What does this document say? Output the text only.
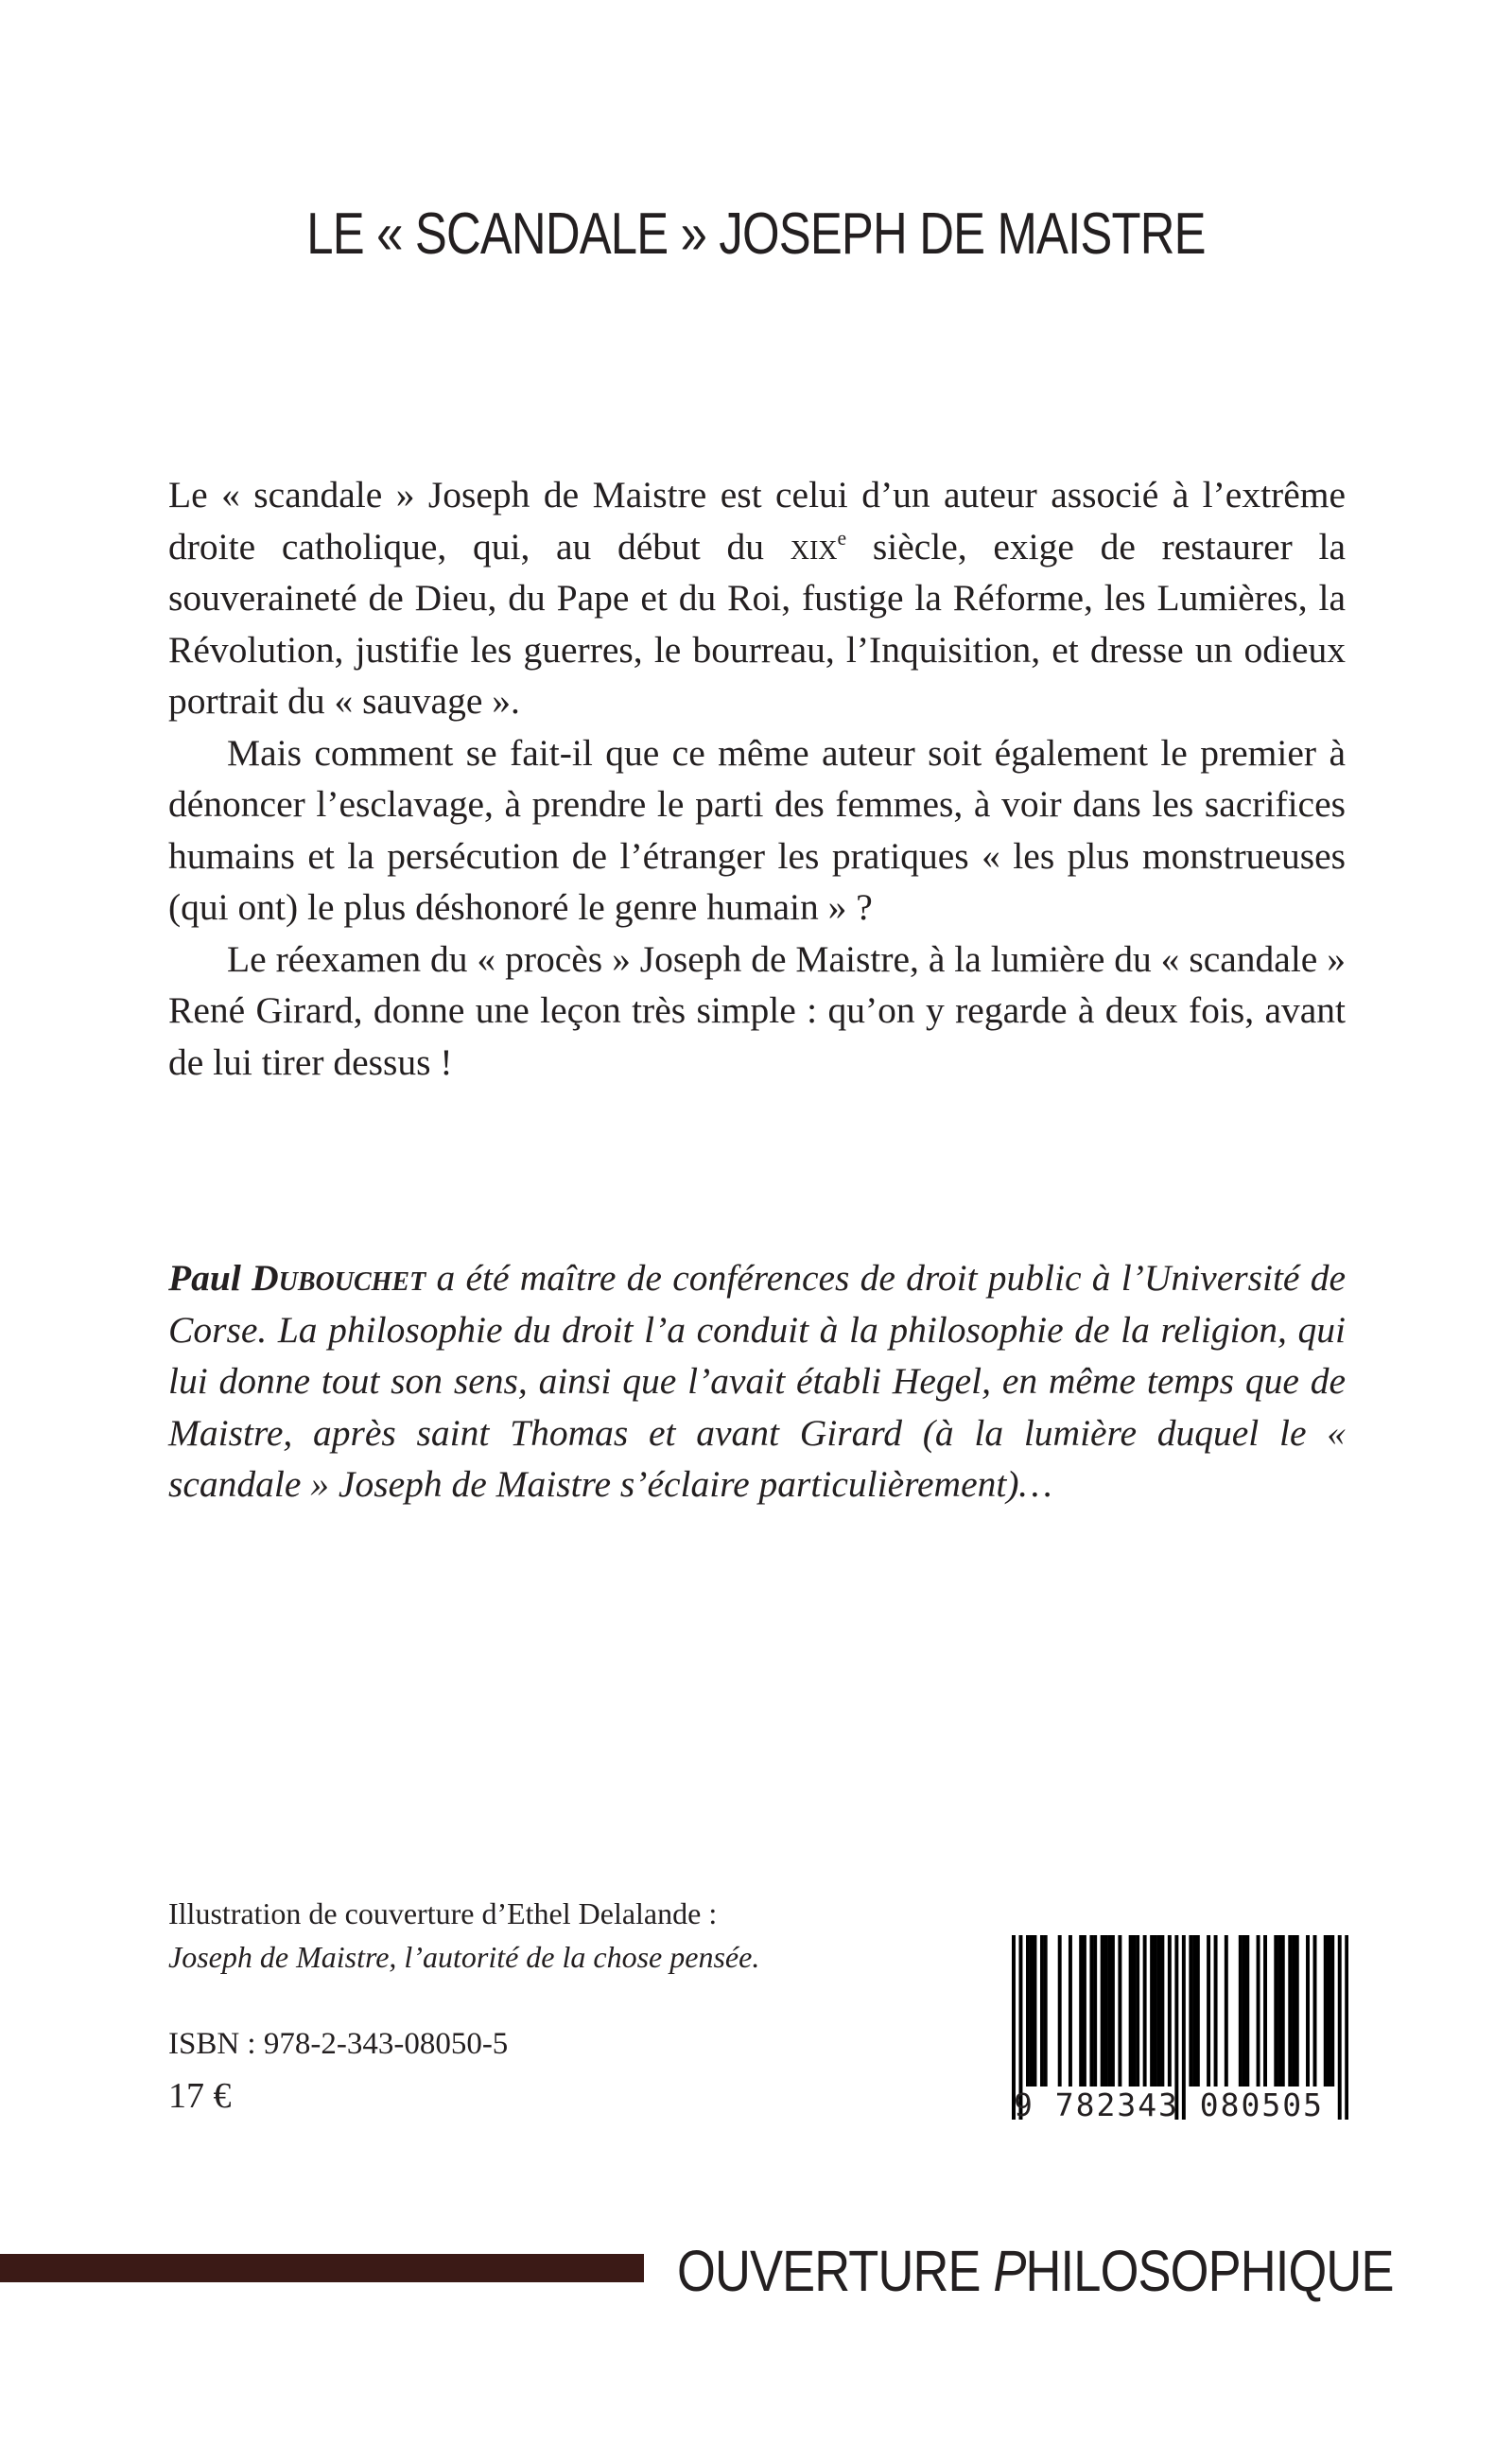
LE « SCANDALE » JOSEPH DE MAISTRE

Le « scandale » Joseph de Maistre est celui d’un auteur associé à l’extrême droite catholique, qui, au début du xix$^e$ siècle, exige de restaurer la souveraineté de Dieu, du Pape et du Roi, fustige la Réforme, les Lumières, la Révolution, justifie les guerres, le bourreau, l’Inquisition, et dresse un odieux portrait du « sauvage ».

Mais comment se fait-il que ce même auteur soit également le premier à dénoncer l’esclavage, à prendre le parti des femmes, à voir dans les sacrifices humains et la persécution de l’étranger les pratiques « les plus monstrueuses (qui ont) le plus déshonoré le genre humain » ?

Le réexamen du « procès » Joseph de Maistre, à la lumière du « scandale » René Girard, donne une leçon très simple : qu’on y regarde à deux fois, avant de lui tirer dessus !

Paul Dubouchet a été maître de conférences de droit public à l’Université de Corse. La philosophie du droit l’a conduit à la philosophie de la religion, qui lui donne tout son sens, ainsi que l’avait établi Hegel, en même temps que de Maistre, après saint Thomas et avant Girard (à la lumière duquel le « scandale » Joseph de Maistre s’éclaire particulièrement)…

Illustration de couverture d’Ethel Delalande :
Joseph de Maistre, l’autorité de la chose pensée.
ISBN : 978-2-343-08050-5
17 €	9 782343 080505
OUVERTURE PHILOSOPHIQUE
